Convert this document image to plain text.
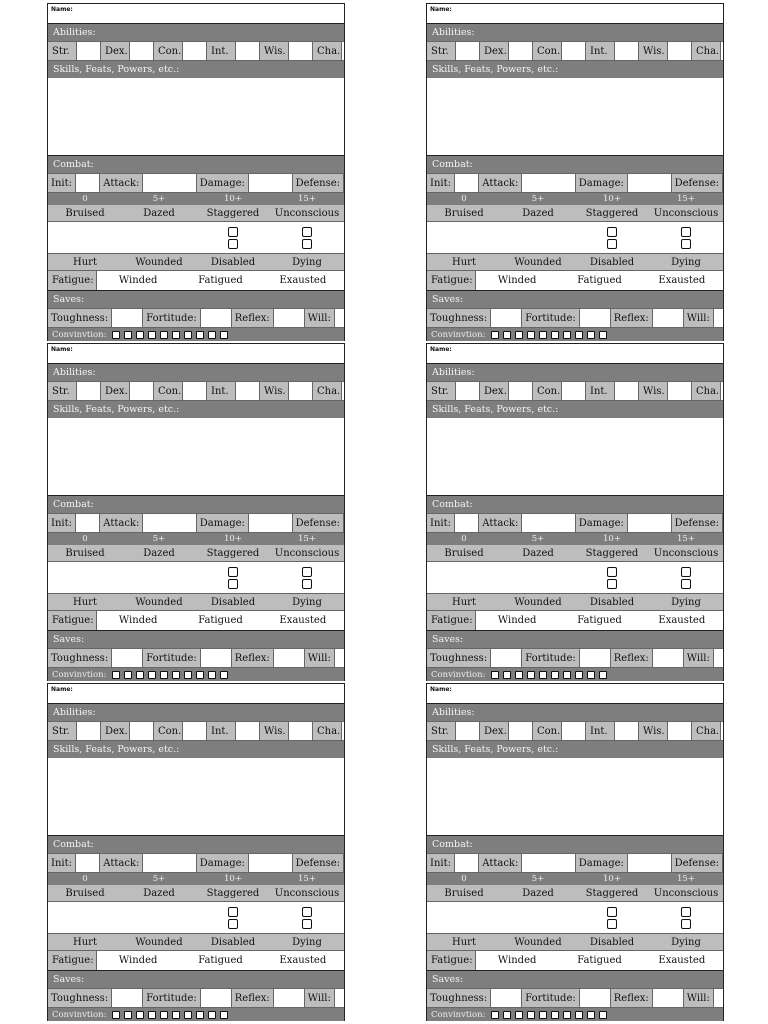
Name:
Abilities:
Str.	Dex.	Con.	Int.	Wis.	Cha.
Skills, Feats, Powers, etc.:
Combat:
Init:	Attack:	Damage:	Defense:
0	5+	10+	15+
Bruised	Dazed	Staggered	Unconscious
Hurt	Wounded	Disabled	Dying
Fatigue:	Winded	Fatigued	Exausted
Saves:
Toughness:	Fortitude:	Reflex:	Will:
Convinvtion:
Name:
Abilities:
Str.	Dex.	Con.	Int.	Wis.	Cha.
Skills, Feats, Powers, etc.:
Combat:
Init:	Attack:	Damage:	Defense:
0	5+	10+	15+
Bruised	Dazed	Staggered	Unconscious
Hurt	Wounded	Disabled	Dying
Fatigue:	Winded	Fatigued	Exausted
Saves:
Toughness:	Fortitude:	Reflex:	Will:
Convinvtion:
Name:
Abilities:
Str.	Dex.	Con.	Int.	Wis.	Cha.
Skills, Feats, Powers, etc.:
Combat:
Init:	Attack:	Damage:	Defense:
0	5+	10+	15+
Bruised	Dazed	Staggered	Unconscious
Hurt	Wounded	Disabled	Dying
Fatigue:	Winded	Fatigued	Exausted
Saves:
Toughness:	Fortitude:	Reflex:	Will:
Convinvtion:
Name:
Abilities:
Str.	Dex.	Con.	Int.	Wis.	Cha.
Skills, Feats, Powers, etc.:
Combat:
Init:	Attack:	Damage:	Defense:
0	5+	10+	15+
Bruised	Dazed	Staggered	Unconscious
Hurt	Wounded	Disabled	Dying
Fatigue:	Winded	Fatigued	Exausted
Saves:
Toughness:	Fortitude:	Reflex:	Will:
Convinvtion:
Name:
Abilities:
Str.	Dex.	Con.	Int.	Wis.	Cha.
Skills, Feats, Powers, etc.:
Combat:
Init:	Attack:	Damage:	Defense:
0	5+	10+	15+
Bruised	Dazed	Staggered	Unconscious
Hurt	Wounded	Disabled	Dying
Fatigue:	Winded	Fatigued	Exausted
Saves:
Toughness:	Fortitude:	Reflex:	Will:
Convinvtion:
Name:
Abilities:
Str.	Dex.	Con.	Int.	Wis.	Cha.
Skills, Feats, Powers, etc.:
Combat:
Init:	Attack:	Damage:	Defense:
0	5+	10+	15+
Bruised	Dazed	Staggered	Unconscious
Hurt	Wounded	Disabled	Dying
Fatigue:	Winded	Fatigued	Exausted
Saves:
Toughness:	Fortitude:	Reflex:	Will:
Convinvtion:
